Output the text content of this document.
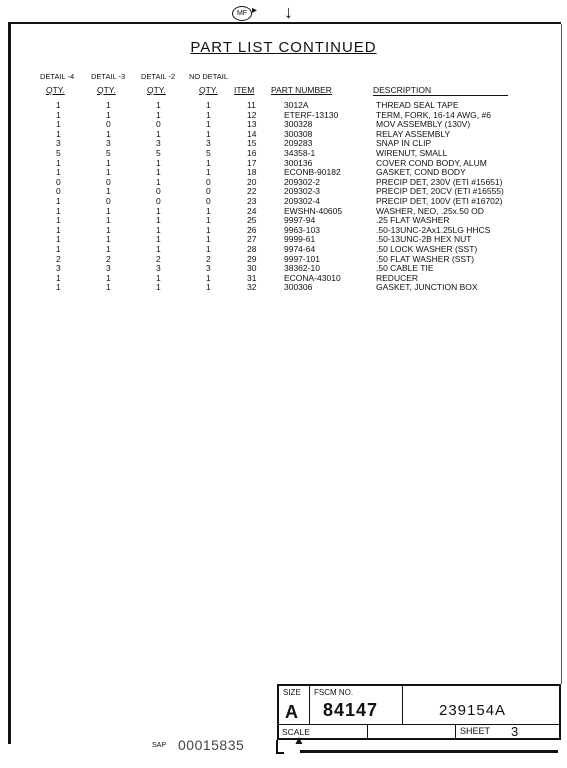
MF ▸ ↓
PART LIST CONTINUED
DETAIL -4 DETAIL -3 DETAIL -2 NO DETAIL
QTY.	QTY.	QTY.	QTY. ITEM PART NUMBER	DESCRIPTION
1	1	1	1	11	3012A	THREAD SEAL TAPE
1	1	1	1	12	ETERF-13130	TERM, FORK, 16-14 AWG, #6
1	0	0	1	13	300328	MOV ASSEMBLY (130V)
1	1	1	1	14	300308	RELAY ASSEMBLY
3	3	3	3	15	209283	SNAP IN CLIP
5	5	5	5	16	34358-1	WIRENUT, SMALL
1	1	1	1	17	300136	COVER COND BODY, ALUM
1	1	1	1	18	ECONB-90182	GASKET, COND BODY
0	0	1	0	20	209302-2	PRECIP DET, 230V (ETI #15651)
0	1	0	0	22	209302-3	PRECIP DET, 20CV (ETI #16555)
1	0	0	0	23	209302-4	PRECIP DET, 100V (ETI #16702)
1	1	1	1	24	EWSHN-40605	WASHER, NEO, .25x.50 OD
1	1	1	1	25	9997-94	.25 FLAT WASHER
1	1	1	1	26	9963-103	.50-13UNC-2Ax1.25LG HHCS
1	1	1	1	27	9999-61	.50-13UNC-2B HEX NUT
1	1	1	1	28	9974-64	.50 LOCK WASHER (SST)
2	2	2	2	29	9997-101	.50 FLAT WASHER (SST)
3	3	3	3	30	38362-10	.50 CABLE TIE
1	1	1	1	31	ECONA-43010	REDUCER
1	1	1	1	32	300306	GASKET, JUNCTION BOX
SIZE
A
FSCM NO.
84147	239154A
SCALE	SHEET 3
SAP 00015835	▲
